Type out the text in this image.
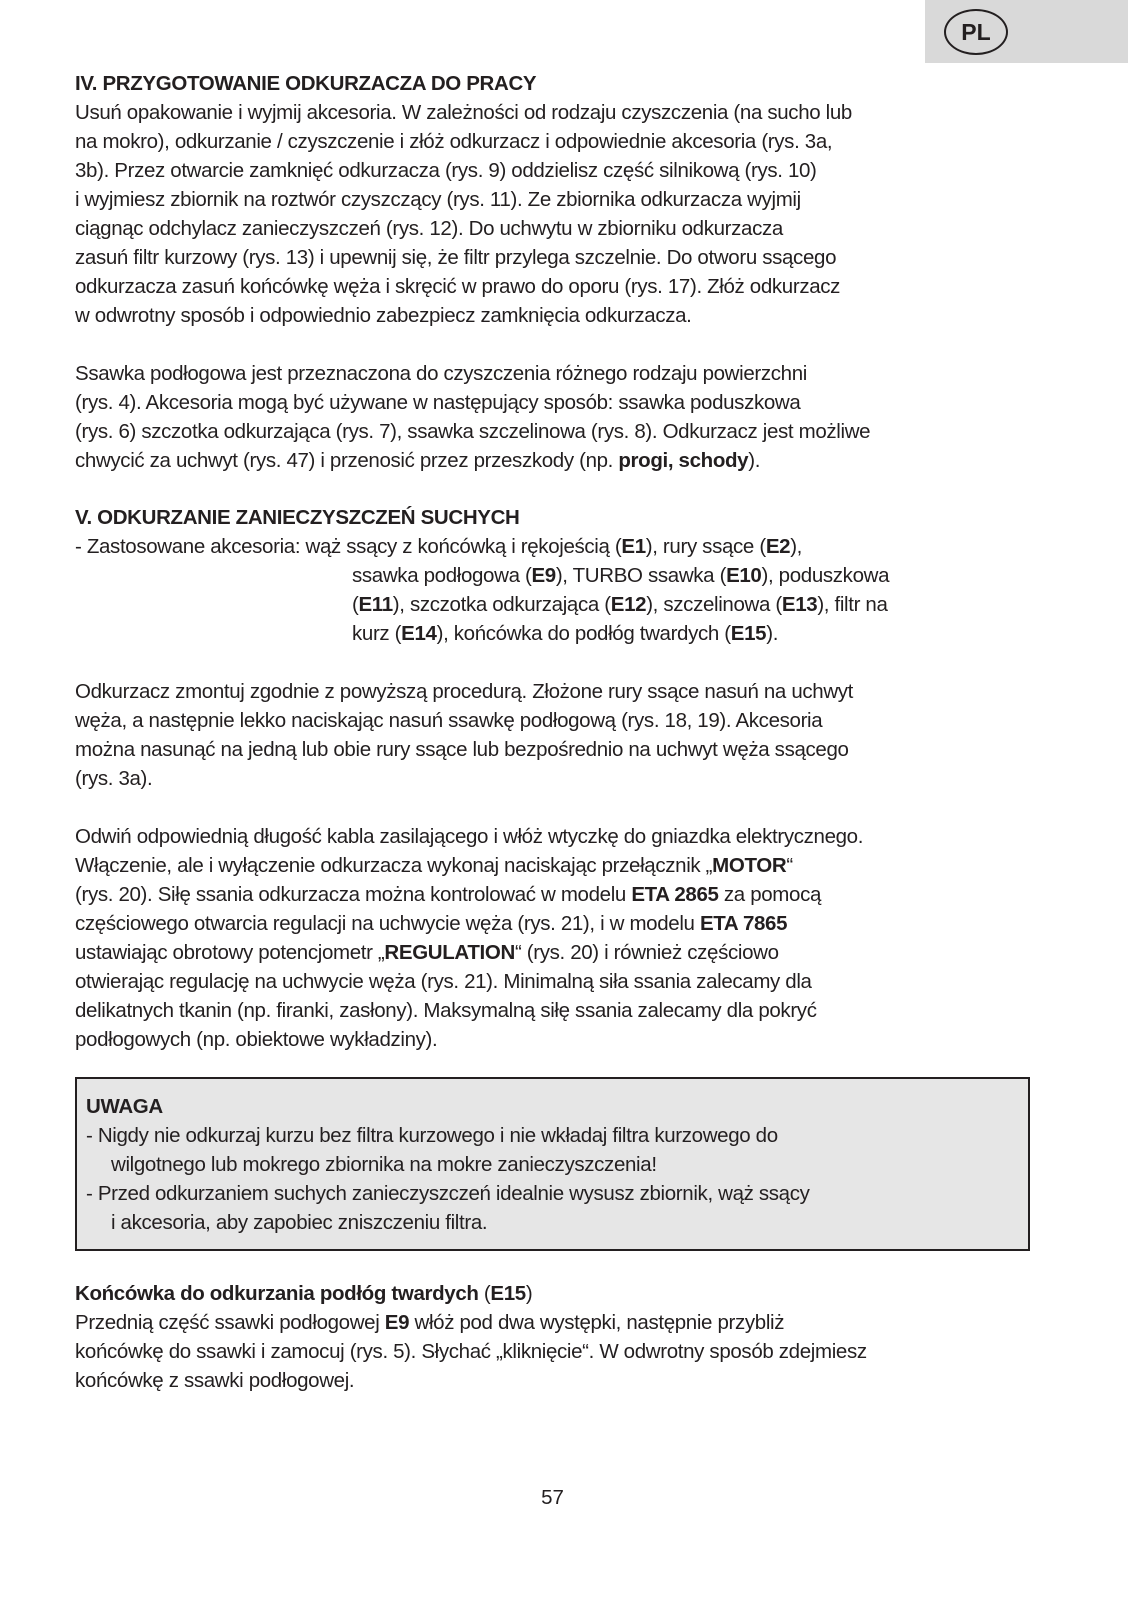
PL
IV. PRZYGOTOWANIE ODKURZACZA DO PRACY
Usuń opakowanie i wyjmij akcesoria. W zależności od rodzaju czyszczenia (na sucho lub
na mokro), odkurzanie / czyszczenie i złóż odkurzacz i odpowiednie akcesoria (rys. 3a,
3b). Przez otwarcie zamknięć odkurzacza (rys. 9) oddzielisz część silnikową (rys. 10)
i wyjmiesz zbiornik na roztwór czyszczący (rys. 11). Ze zbiornika odkurzacza wyjmij
ciągnąc odchylacz zanieczyszczeń (rys. 12). Do uchwytu w zbiorniku odkurzacza
zasuń filtr kurzowy (rys. 13) i upewnij się, że filtr przylega szczelnie. Do otworu ssącego
odkurzacza zasuń końcówkę węża i skręcić w prawo do oporu (rys. 17). Złóż odkurzacz
w odwrotny sposób i odpowiednio zabezpiecz zamknięcia odkurzacza.
Ssawka podłogowa jest przeznaczona do czyszczenia różnego rodzaju powierzchni
(rys. 4). Akcesoria mogą być używane w następujący sposób: ssawka poduszkowa
(rys. 6) szczotka odkurzająca (rys. 7), ssawka szczelinowa (rys. 8). Odkurzacz jest możliwe
chwycić za uchwyt (rys. 47) i przenosić przez przeszkody (np. progi, schody).
V. ODKURZANIE ZANIECZYSZCZEŃ SUCHYCH
- Zastosowane akcesoria: wąż ssący z końcówką i rękojeścią (E1), rury ssące (E2),
ssawka podłogowa (E9), TURBO ssawka (E10), poduszkowa
(E11), szczotka odkurzająca (E12), szczelinowa (E13), filtr na
kurz (E14), końcówka do podłóg twardych (E15).
Odkurzacz zmontuj zgodnie z powyższą procedurą. Złożone rury ssące nasuń na uchwyt
węża, a następnie lekko naciskając nasuń ssawkę podłogową (rys. 18, 19). Akcesoria
można nasunąć na jedną lub obie rury ssące lub bezpośrednio na uchwyt węża ssącego
(rys. 3a).
Odwiń odpowiednią długość kabla zasilającego i włóż wtyczkę do gniazdka elektrycznego.
Włączenie, ale i wyłączenie odkurzacza wykonaj naciskając przełącznik „MOTOR“
(rys. 20). Siłę ssania odkurzacza można kontrolować w modelu ETA 2865 za pomocą
częściowego otwarcia regulacji na uchwycie węża (rys. 21), i w modelu ETA 7865
ustawiając obrotowy potencjometr „REGULATION“ (rys. 20) i również częściowo
otwierając regulację na uchwycie węża (rys. 21). Minimalną siła ssania zalecamy dla
delikatnych tkanin (np. firanki, zasłony). Maksymalną siłę ssania zalecamy dla pokryć
podłogowych (np. obiektowe wykładziny).
UWAGA
- Nigdy nie odkurzaj kurzu bez filtra kurzowego i nie wkładaj filtra kurzowego do
wilgotnego lub mokrego zbiornika na mokre zanieczyszczenia!
- Przed odkurzaniem suchych zanieczyszczeń idealnie wysusz zbiornik, wąż ssący
i akcesoria, aby zapobiec zniszczeniu filtra.
Końcówka do odkurzania podłóg twardych (E15)
Przednią część ssawki podłogowej E9 włóż pod dwa występki, następnie przybliż
końcówkę do ssawki i zamocuj (rys. 5). Słychać „kliknięcie“. W odwrotny sposób zdejmiesz
końcówkę z ssawki podłogowej.
57
